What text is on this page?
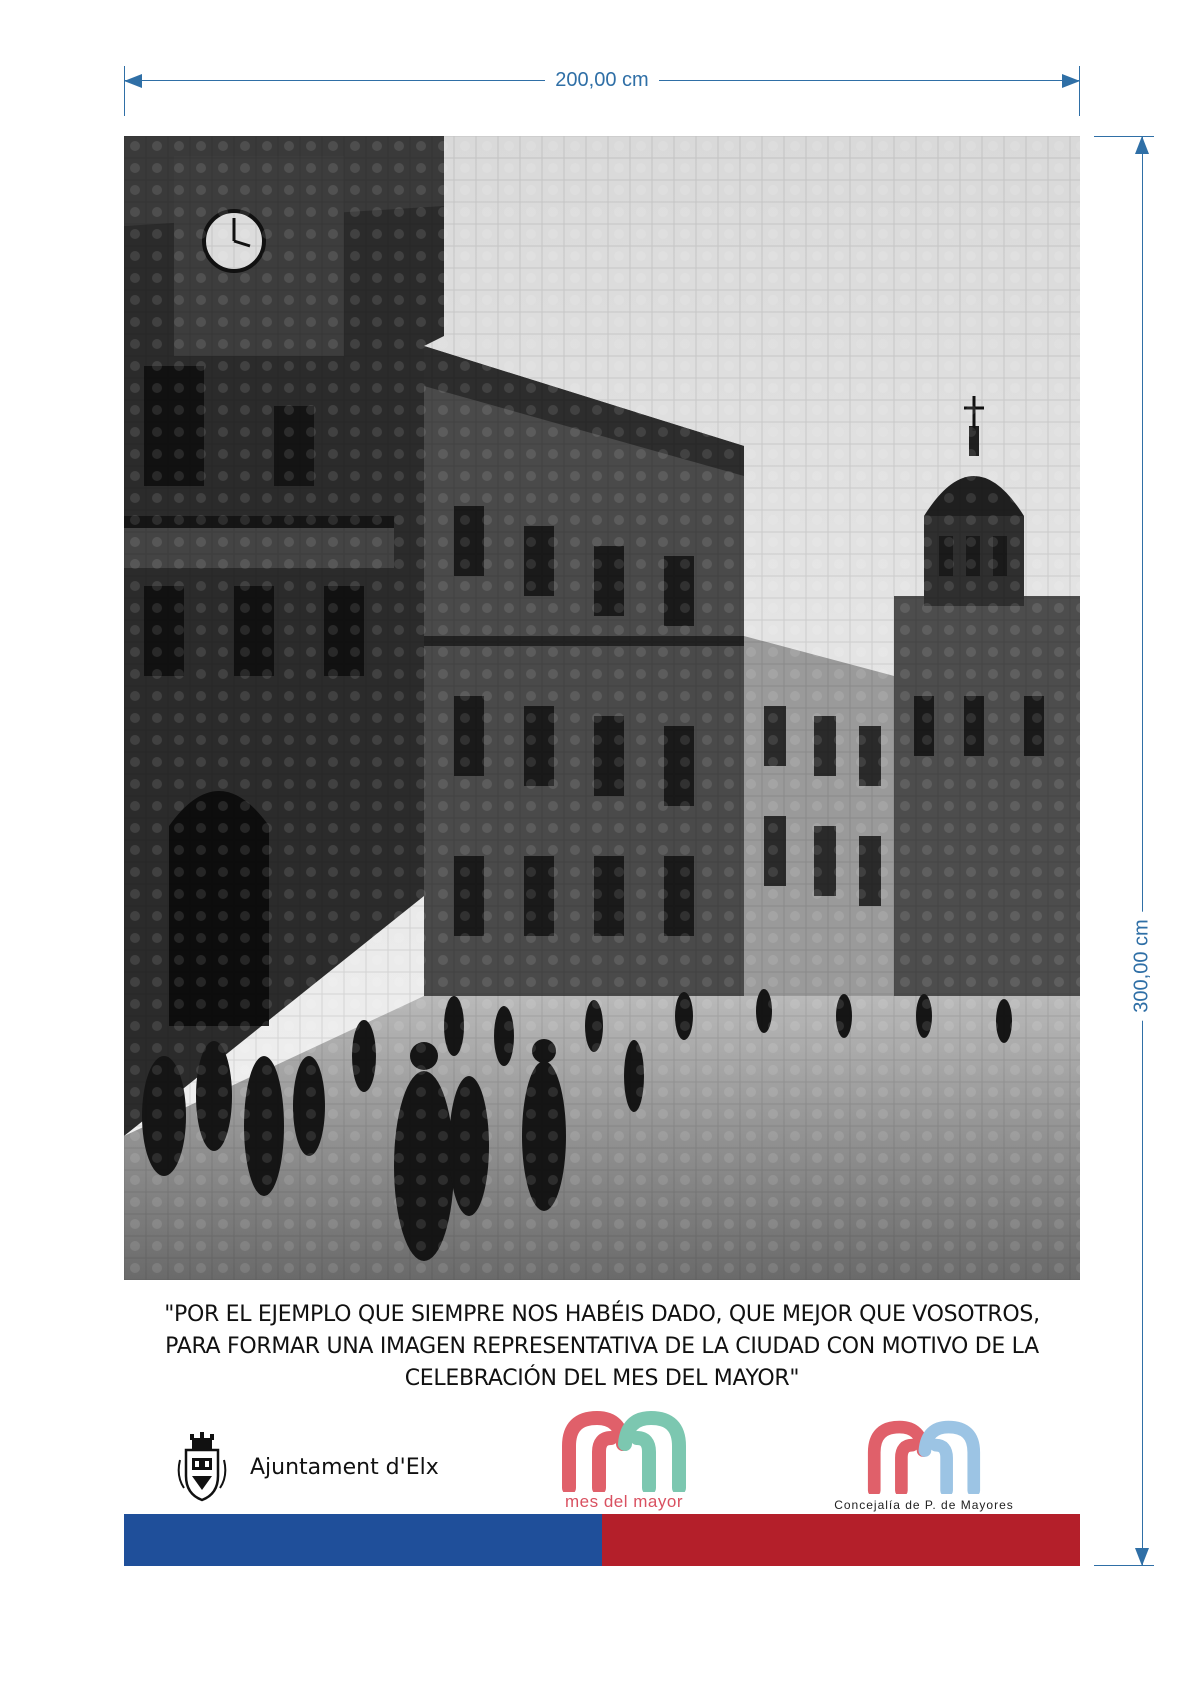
200,00 cm
300,00 cm
"POR EL EJEMPLO QUE SIEMPRE NOS HABÉIS DADO, QUE MEJOR QUE VOSOTROS,
PARA FORMAR UNA IMAGEN REPRESENTATIVA DE LA CIUDAD CON MOTIVO DE LA
CELEBRACIÓN DEL MES DEL MAYOR"
Ajuntament d'Elx
mes del mayor	Concejalía de P. de Mayores
